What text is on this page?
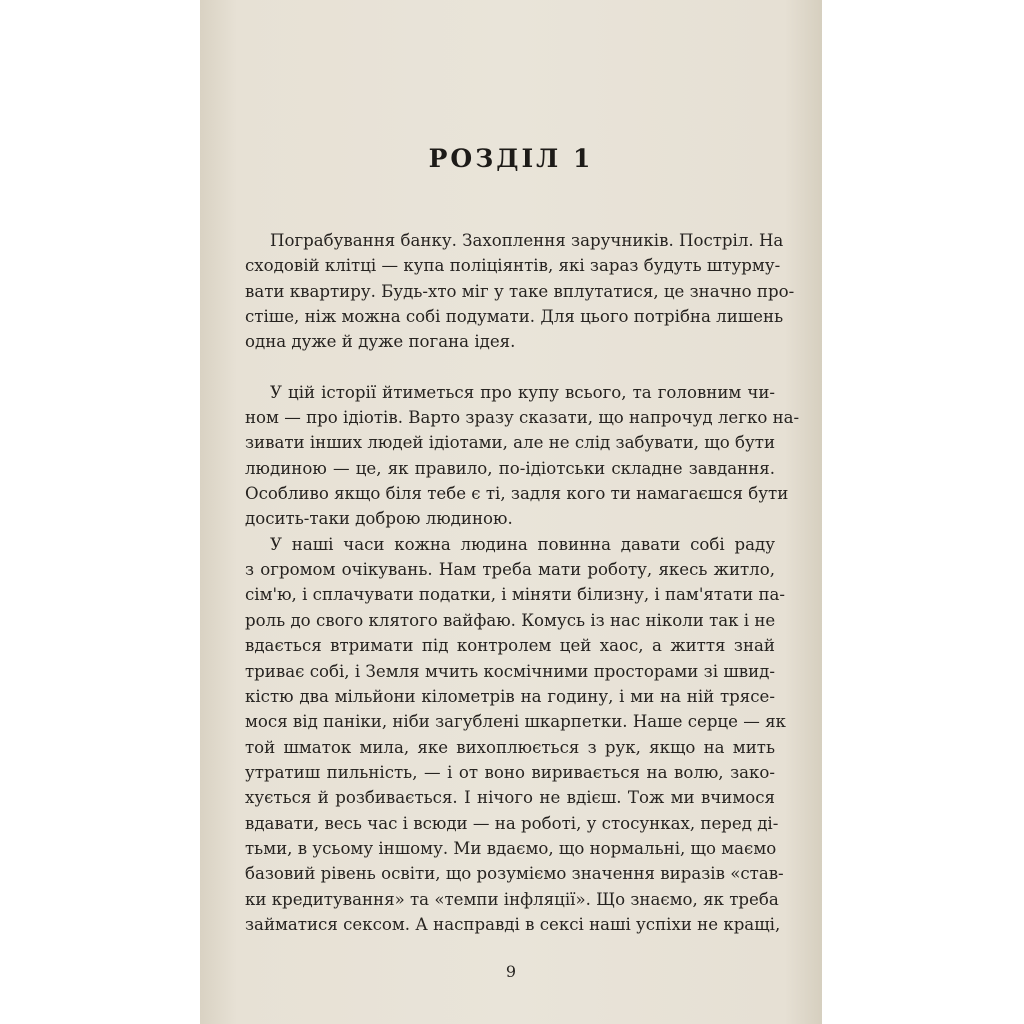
РОЗДІЛ 1
Пограбування банку. Захоплення заручників. Постріл. На
сходовій клітці — купа поліціянтів, які зараз будуть штурму-
вати квартиру. Будь-хто міг у таке вплутатися, це значно про-
стіше, ніж можна собі подумати. Для цього потрібна лишень
одна дуже й дуже погана ідея.
У цій історії йтиметься про купу всього, та головним чи-
ном — про ідіотів. Варто зразу сказати, що напрочуд легко на-
зивати інших людей ідіотами, але не слід забувати, що бути
людиною — це, як правило, по-ідіотськи складне завдання.
Особливо якщо біля тебе є ті, задля кого ти намагаєшся бути
досить-таки доброю людиною.
У наші часи кожна людина повинна давати собі раду
з огромом очікувань. Нам треба мати роботу, якесь житло,
сім'ю, і сплачувати податки, і міняти білизну, і пам'ятати па-
роль до свого клятого вайфаю. Комусь із нас ніколи так і не
вдається втримати під контролем цей хаос, а життя знай
триває собі, і Земля мчить космічними просторами зі швид-
кістю два мільйони кілометрів на годину, і ми на ній трясе-
мося від паніки, ніби загублені шкарпетки. Наше серце — як
той шматок мила, яке вихоплюється з рук, якщо на мить
утратиш пильність, — і от воно виривається на волю, зако-
хується й розбивається. І нічого не вдієш. Тож ми вчимося
вдавати, весь час і всюди — на роботі, у стосунках, перед ді-
тьми, в усьому іншому. Ми вдаємо, що нормальні, що маємо
базовий рівень освіти, що розуміємо значення виразів «став-
ки кредитування» та «темпи інфляції». Що знаємо, як треба
займатися сексом. А насправді в сексі наші успіхи не кращі,
9
